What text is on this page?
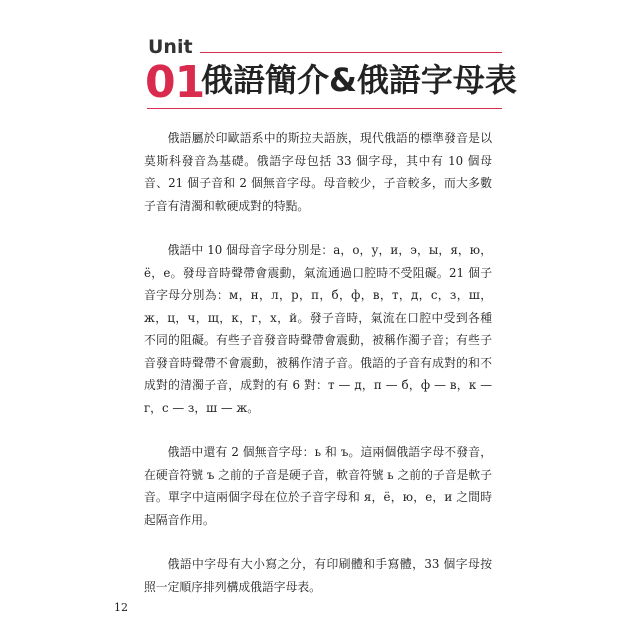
Unit
01
俄語簡介&俄語字母表

俄語屬於印歐語系中的斯拉夫語族，現代俄語的標準發音是以莫斯科發音為基礎。俄語字母包括 33 個字母，其中有 10 個母音、21 個子音和 2 個無音字母。母音較少，子音較多，而大多數子音有清濁和軟硬成對的特點。

俄語中 10 個母音字母分別是：а，о，у，и，э，ы，я，ю，ё，е。發母音時聲帶會震動，氣流通過口腔時不受阻礙。21 個子音字母分別為：м，н，л，р，п，б，ф，в，т，д，с，з，ш，ж，ц，ч，щ，к，г，х，й。發子音時，氣流在口腔中受到各種不同的阻礙。有些子音發音時聲帶會震動，被稱作濁子音；有些子音發音時聲帶不會震動，被稱作清子音。俄語的子音有成對的和不成對的清濁子音，成對的有 6 對：т — д，п — б，ф — в，к — г，с — з，ш — ж。

俄語中還有 2 個無音字母：ь 和 ъ。這兩個俄語字母不發音，在硬音符號 ъ 之前的子音是硬子音，軟音符號 ь 之前的子音是軟子音。單字中這兩個字母在位於子音字母和 я，ё，ю，е，и 之間時起隔音作用。

俄語中字母有大小寫之分，有印刷體和手寫體，33 個字母按照一定順序排列構成俄語字母表。

12
